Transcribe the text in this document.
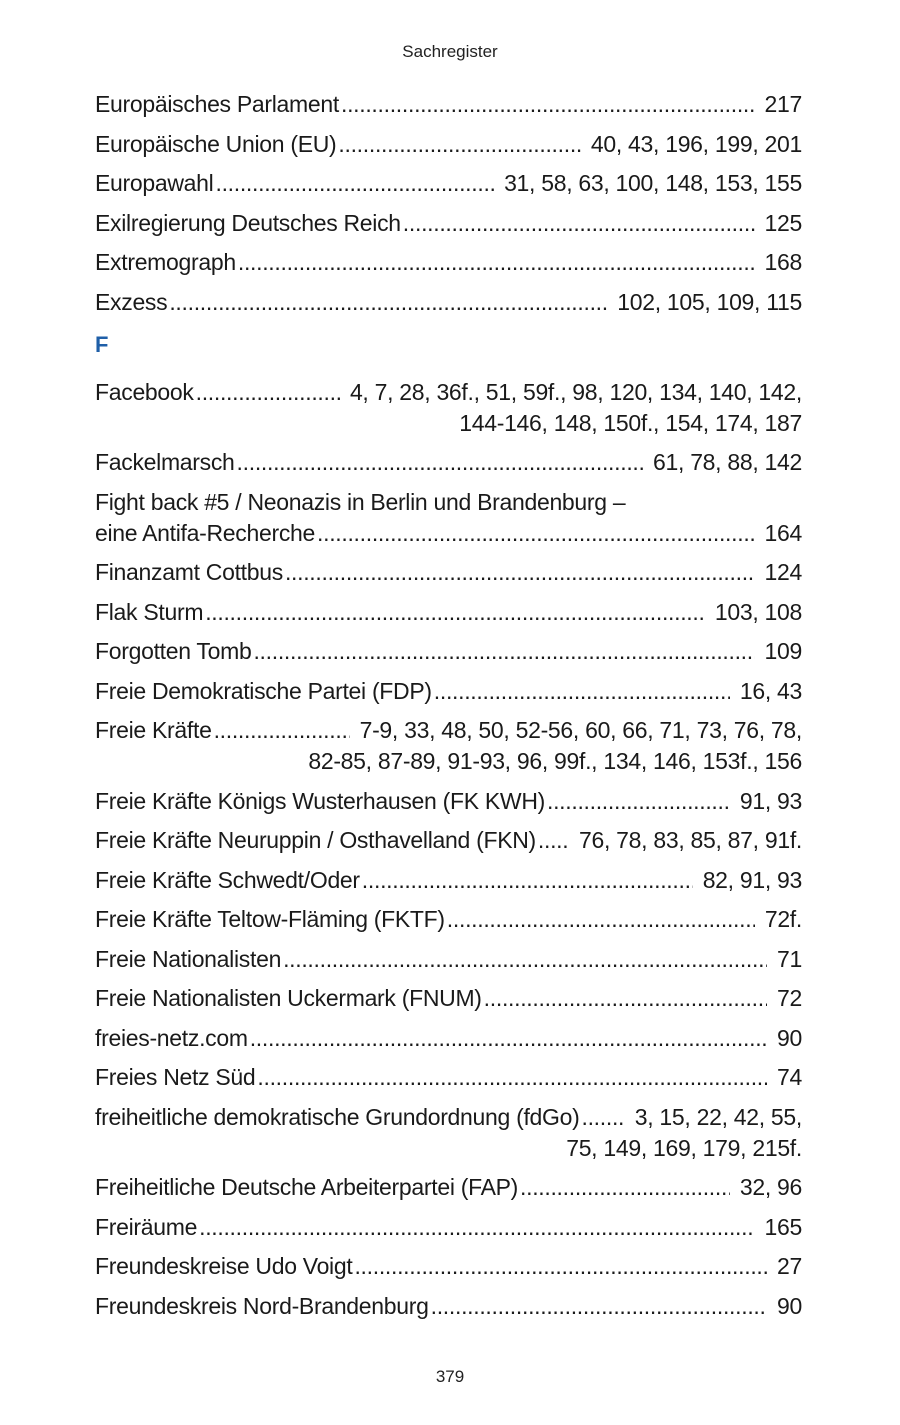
Sachregister
Europäisches Parlament .....	217
Europäische Union (EU) .....	40, 43, 196, 199, 201
Europawahl .....	31, 58, 63, 100, 148, 153, 155
Exilregierung Deutsches Reich .....	125
Extremograph .....	168
Exzess .....	102, 105, 109, 115
F
Facebook .....	4, 7, 28, 36f., 51, 59f., 98, 120, 134, 140, 142,
144-146, 148, 150f., 154, 174, 187
Fackelmarsch .....	61, 78, 88, 142
Fight back #5 / Neonazis in Berlin und Brandenburg –
eine Antifa-Recherche .....	164
Finanzamt Cottbus .....	124
Flak Sturm .....	103, 108
Forgotten Tomb .....	109
Freie Demokratische Partei (FDP) .....	16, 43
Freie Kräfte .....	7-9, 33, 48, 50, 52-56, 60, 66, 71, 73, 76, 78,
82-85, 87-89, 91-93, 96, 99f., 134, 146, 153f., 156
Freie Kräfte Königs Wusterhausen (FK KWH) .....	91, 93
Freie Kräfte Neuruppin / Osthavelland (FKN) ..... 76, 78, 83, 85, 87, 91f.
Freie Kräfte Schwedt/Oder .....	82, 91, 93
Freie Kräfte Teltow-Fläming (FKTF) .....	72f.
Freie Nationalisten .....	71
Freie Nationalisten Uckermark (FNUM) .....	72
freies-netz.com .....	90
Freies Netz Süd .....	74
freiheitliche demokratische Grundordnung (fdGo) ..... 3, 15, 22, 42, 55,
75, 149, 169, 179, 215f.
Freiheitliche Deutsche Arbeiterpartei (FAP) .....	32, 96
Freiräume .....	165
Freundeskreise Udo Voigt .....	27
Freundeskreis Nord-Brandenburg .....	90
379
